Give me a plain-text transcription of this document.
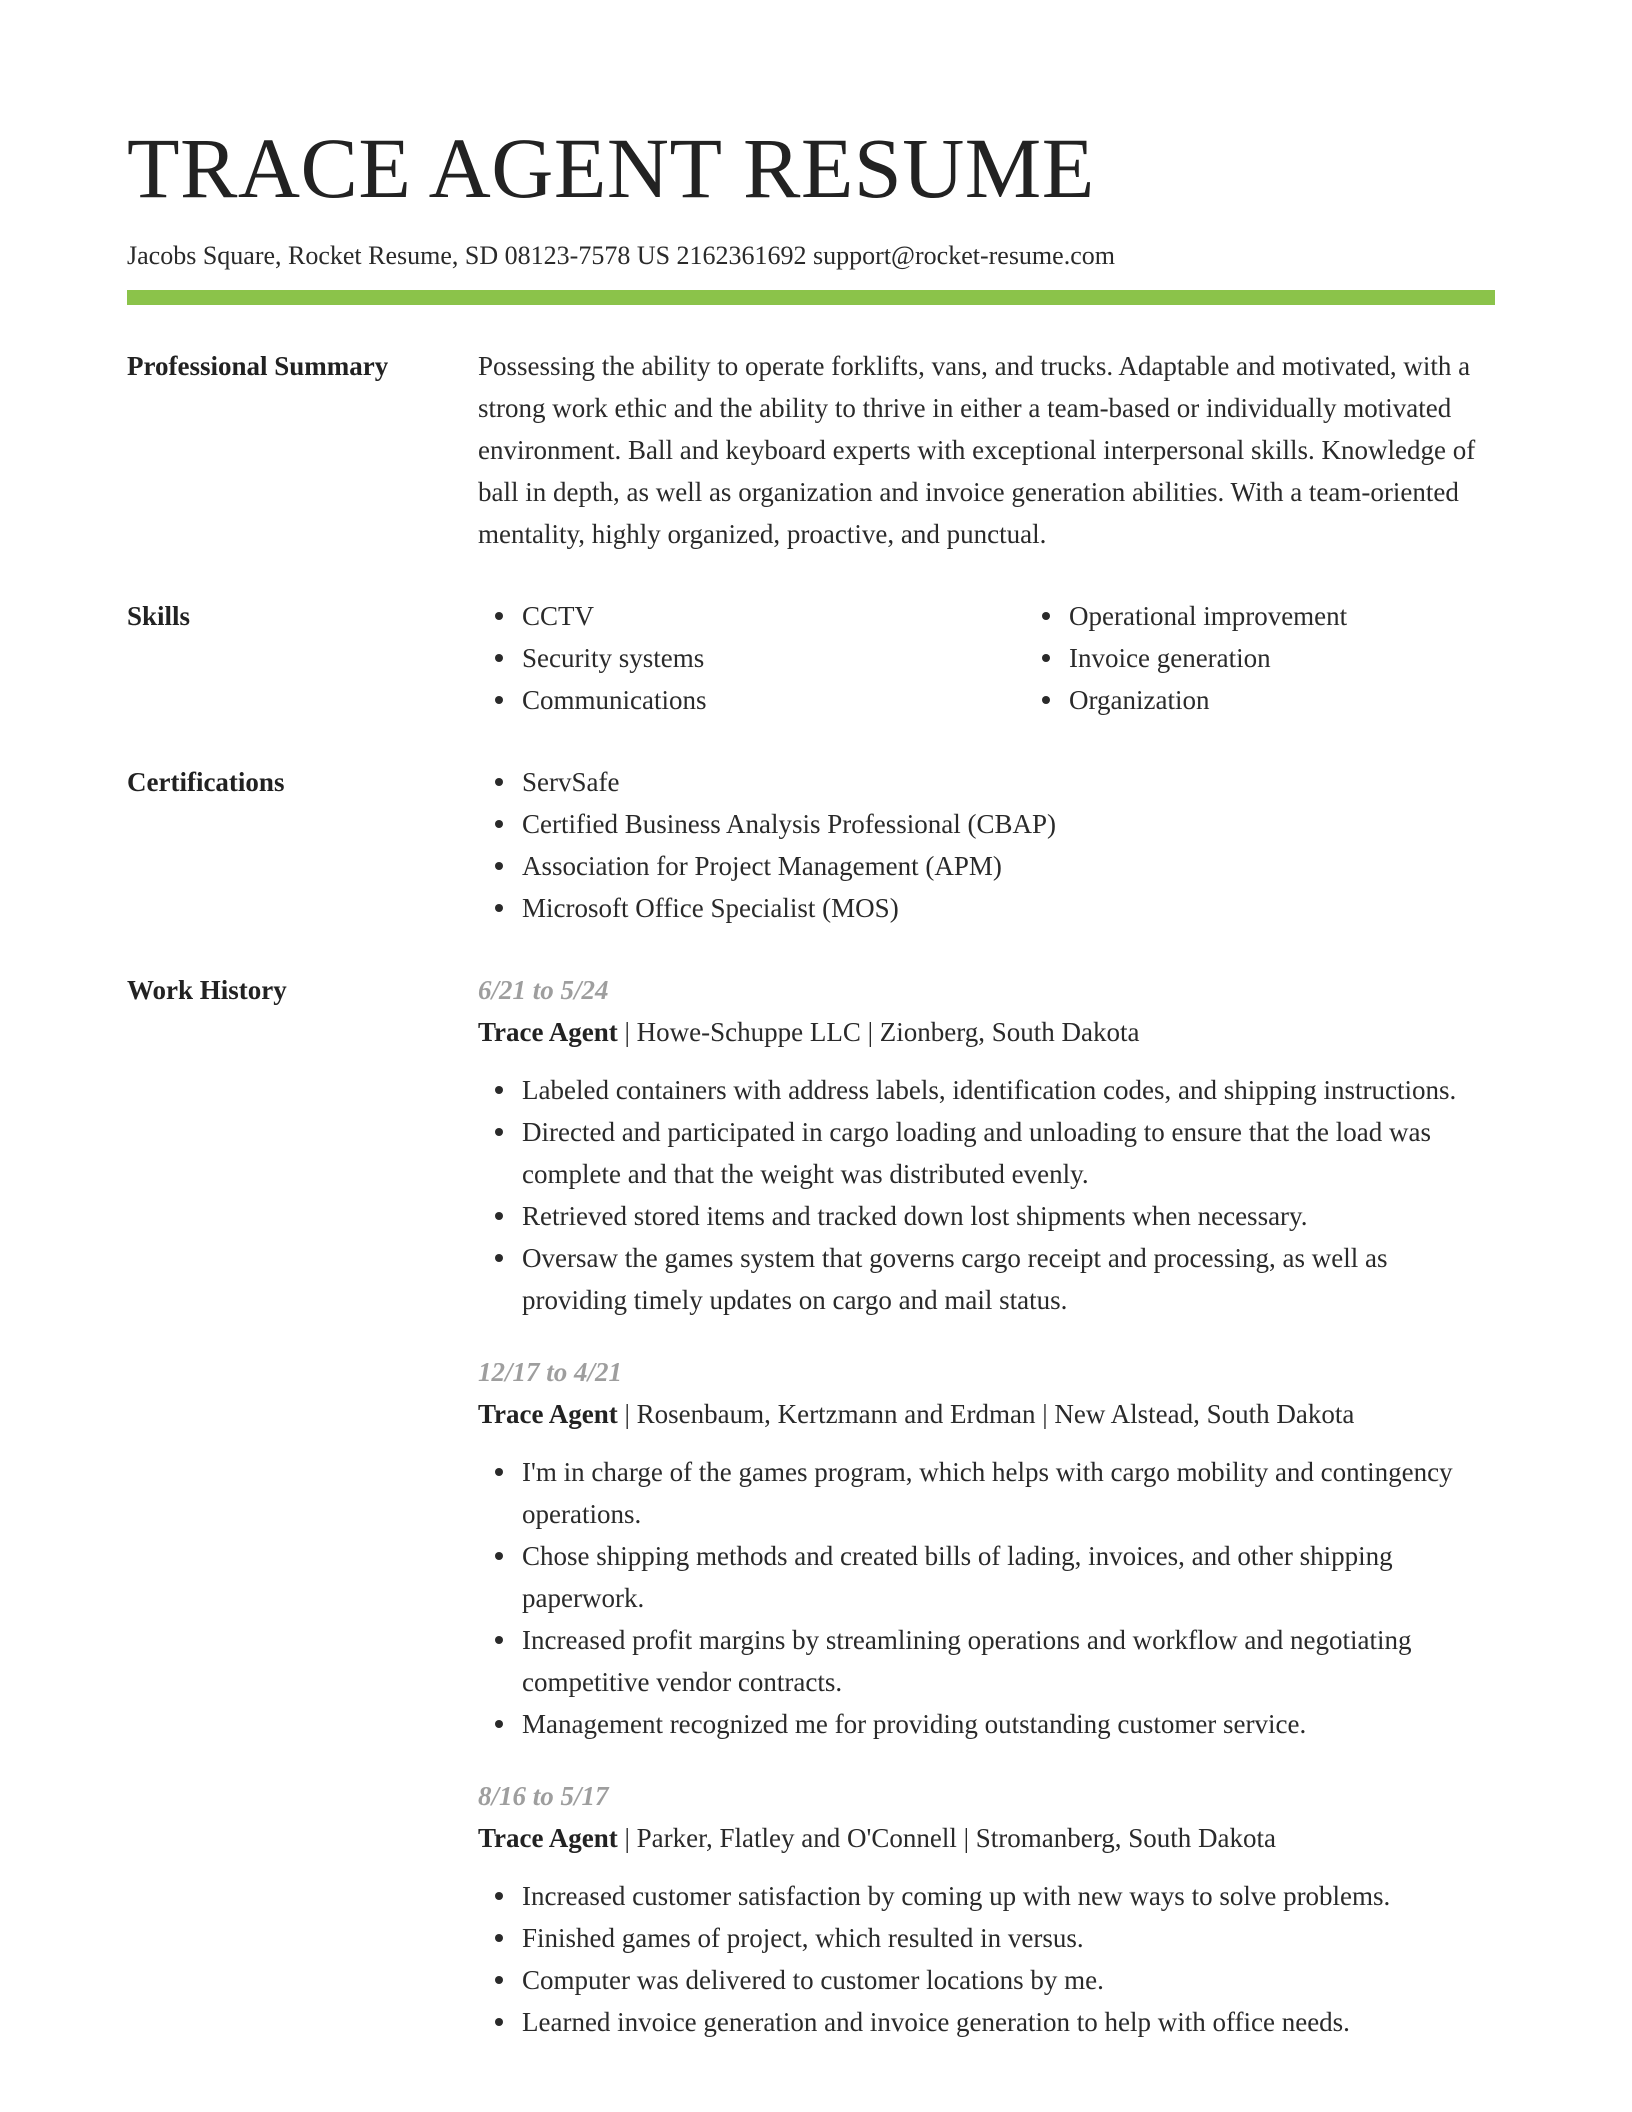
TRACE AGENT RESUME
Jacobs Square, Rocket Resume, SD 08123-7578 US 2162361692 support@rocket-resume.com
Professional Summary	Possessing the ability to operate forklifts, vans, and trucks. Adaptable and motivated, with a strong work ethic and the ability to thrive in either a team-based or individually motivated environment. Ball and keyboard experts with exceptional interpersonal skills. Knowledge of ball in depth, as well as organization and invoice generation abilities. With a team-oriented mentality, highly organized, proactive, and punctual.

Skills	CCTV
Security systems
Communications
Operational improvement
Invoice generation
Organization
Certifications	ServSafe
Certified Business Analysis Professional (CBAP)
Association for Project Management (APM)
Microsoft Office Specialist (MOS)
Work History	6/21 to 5/24
Trace Agent | Howe-Schuppe LLC | Zionberg, South Dakota
Labeled containers with address labels, identification codes, and shipping instructions.
Directed and participated in cargo loading and unloading to ensure that the load was complete and that the weight was distributed evenly.
Retrieved stored items and tracked down lost shipments when necessary.
Oversaw the games system that governs cargo receipt and processing, as well as providing timely updates on cargo and mail status.
12/17 to 4/21
Trace Agent | Rosenbaum, Kertzmann and Erdman | New Alstead, South Dakota
I'm in charge of the games program, which helps with cargo mobility and contingency operations.
Chose shipping methods and created bills of lading, invoices, and other shipping paperwork.
Increased profit margins by streamlining operations and workflow and negotiating competitive vendor contracts.
Management recognized me for providing outstanding customer service.
8/16 to 5/17
Trace Agent | Parker, Flatley and O'Connell | Stromanberg, South Dakota
Increased customer satisfaction by coming up with new ways to solve problems.
Finished games of project, which resulted in versus.
Computer was delivered to customer locations by me.
Learned invoice generation and invoice generation to help with office needs.
